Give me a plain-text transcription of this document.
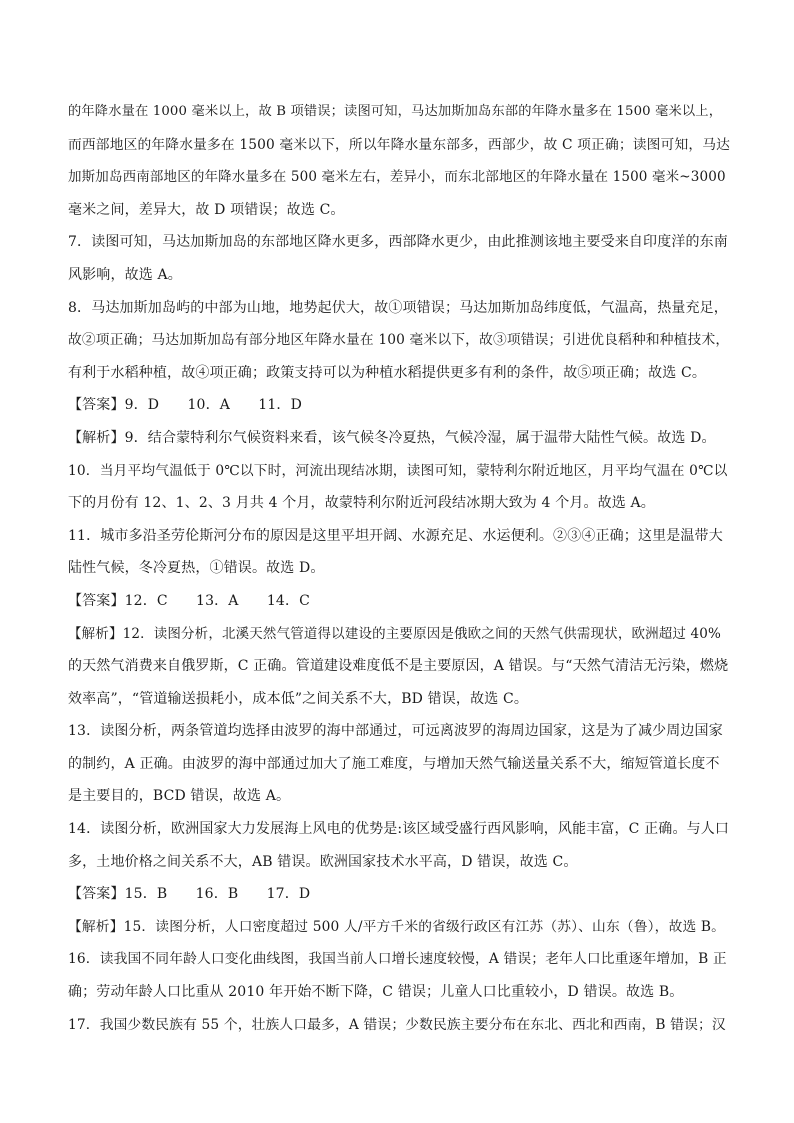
的年降水量在 1000 毫米以上，故 B 项错误；读图可知，马达加斯加岛东部的年降水量多在 1500 毫米以上，
而西部地区的年降水量多在 1500 毫米以下，所以年降水量东部多，西部少，故 C 项正确；读图可知，马达
加斯加岛西南部地区的年降水量多在 500 毫米左右，差异小，而东北部地区的年降水量在 1500 毫米~3000
毫米之间，差异大，故 D 项错误；故选 C。
7．读图可知，马达加斯加岛的东部地区降水更多，西部降水更少，由此推测该地主要受来自印度洋的东南
风影响，故选 A。
8．马达加斯加岛屿的中部为山地，地势起伏大，故①项错误；马达加斯加岛纬度低，气温高，热量充足，
故②项正确；马达加斯加岛有部分地区年降水量在 100 毫米以下，故③项错误；引进优良稻种和种植技术，
有利于水稻种植，故④项正确；政策支持可以为种植水稻提供更多有利的条件，故⑤项正确；故选 C。
【答案】9．D　　10．A　　11．D
【解析】9．结合蒙特利尔气候资料来看，该气候冬冷夏热，气候冷湿，属于温带大陆性气候。故选 D。
10．当月平均气温低于 0℃以下时，河流出现结冰期，读图可知，蒙特利尔附近地区，月平均气温在 0℃以
下的月份有 12、1、2、3 月共 4 个月，故蒙特利尔附近河段结冰期大致为 4 个月。故选 A。
11．城市多沿圣劳伦斯河分布的原因是这里平坦开阔、水源充足、水运便利。②③④正确；这里是温带大
陆性气候，冬冷夏热，①错误。故选 D。
【答案】12．C　　13．A　　14．C
【解析】12．读图分析，北溪天然气管道得以建设的主要原因是俄欧之间的天然气供需现状，欧洲超过 40%
的天然气消费来自俄罗斯，C 正确。管道建设难度低不是主要原因，A 错误。与“天然气清洁无污染，燃烧
效率高”，“管道输送损耗小，成本低”之间关系不大，BD 错误，故选 C。
13．读图分析，两条管道均选择由波罗的海中部通过，可远离波罗的海周边国家，这是为了减少周边国家
的制约，A 正确。由波罗的海中部通过加大了施工难度，与增加天然气输送量关系不大，缩短管道长度不
是主要目的，BCD 错误，故选 A。
14．读图分析，欧洲国家大力发展海上风电的优势是:该区域受盛行西风影响，风能丰富，C 正确。与人口
多，土地价格之间关系不大，AB 错误。欧洲国家技术水平高，D 错误，故选 C。
【答案】15．B　　16．B　　17．D
【解析】15．读图分析，人口密度超过 500 人/平方千米的省级行政区有江苏（苏）、山东（鲁），故选 B。
16．读我国不同年龄人口变化曲线图，我国当前人口增长速度较慢，A 错误；老年人口比重逐年增加，B 正
确；劳动年龄人口比重从 2010 年开始不断下降，C 错误；儿童人口比重较小，D 错误。故选 B。
17．我国少数民族有 55 个，壮族人口最多，A 错误；少数民族主要分布在东北、西北和西南，B 错误；汉
